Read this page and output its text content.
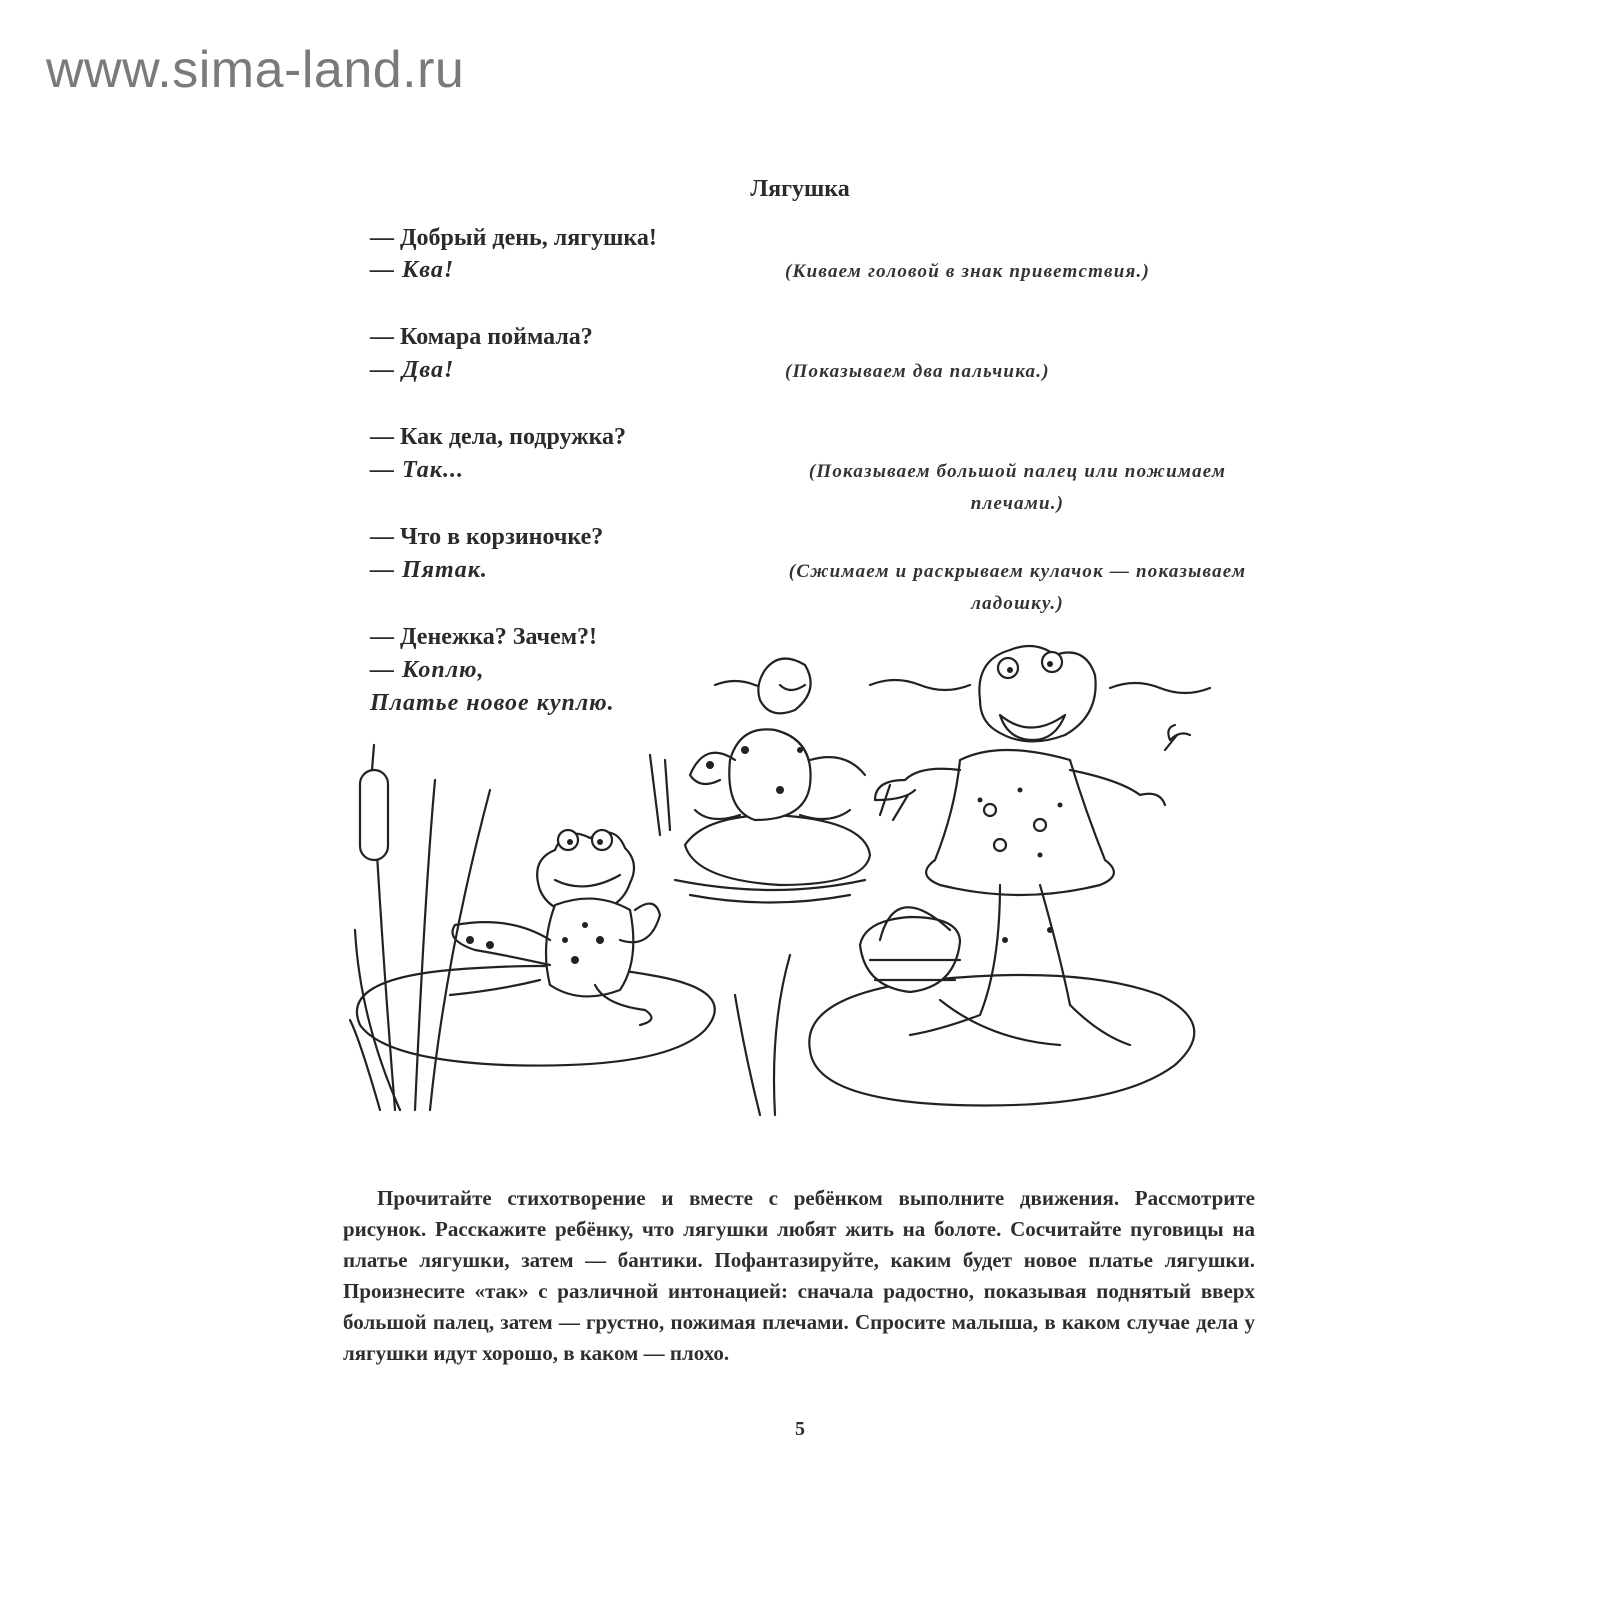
www.sima-land.ru
Лягушка
— Добрый день, лягушка!
— Ква!
— Комара поймала?
— Два!
— Как дела, подружка?
— Так...
— Что в корзиночке?
— Пятак.
— Денежка? Зачем?!
— Коплю,
Платье новое куплю.
(Киваем головой в знак приветствия.)
(Показываем два пальчика.)
(Показываем большой палец или пожимаем плечами.)
(Сжимаем и раскрываем кулачок — показываем ладошку.)
Прочитайте стихотворение и вместе с ребёнком выполните движения. Рассмотрите рисунок. Расскажите ребёнку, что лягушки любят жить на болоте. Сосчитайте пуговицы на платье лягушки, затем — бантики. Пофантазируйте, каким будет новое платье лягушки. Произнесите «так» с различной интонацией: сначала радостно, показывая поднятый вверх большой палец, затем — грустно, пожимая плечами. Спросите малыша, в каком случае дела у лягушки идут хорошо, в каком — плохо.
5
